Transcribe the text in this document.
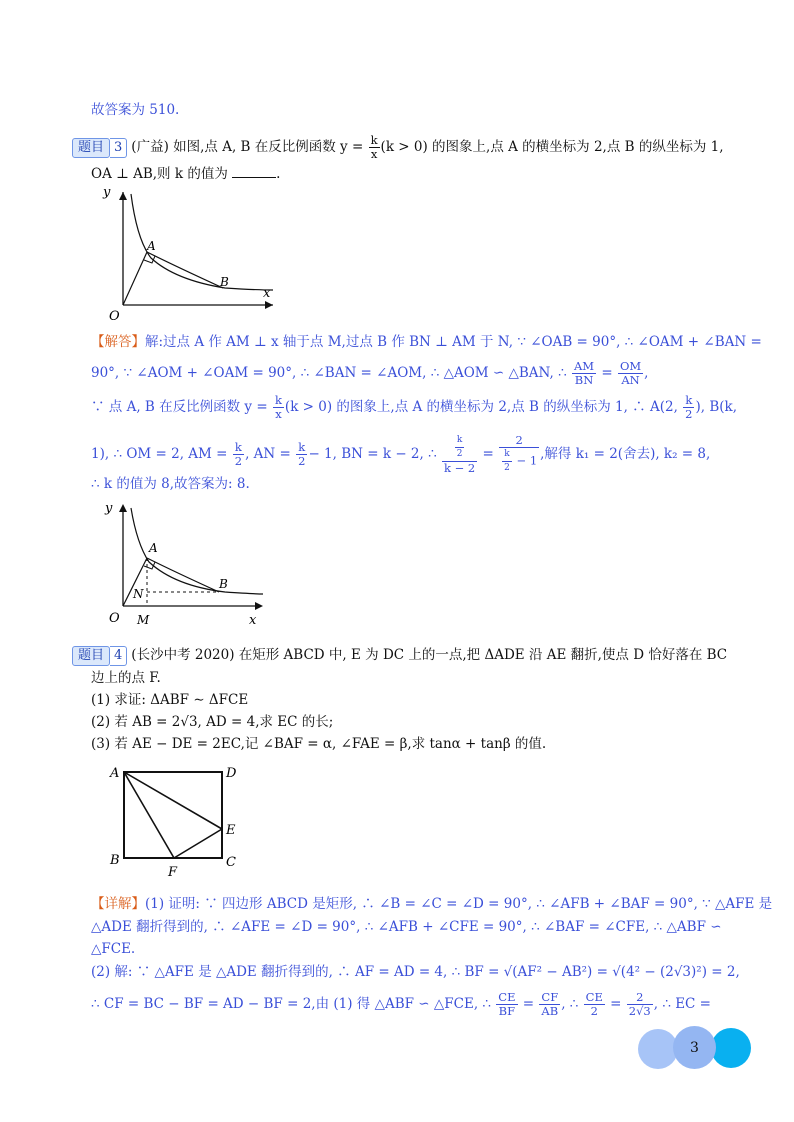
故答案为 510.
题目 3 (广益) 如图,点 A, B 在反比例函数 $y = \frac{k}{x} (k > 0)$ 的图象上,点 A 的横坐标为 2,点 B 的纵坐标为 1,
OA ⊥ AB,则 k 的值为	.
y
x
O
A
B
【解答】解:过点 A 作 AM ⊥ x 轴于点 M,过点 B 作 BN ⊥ AM 于 N, ∵ ∠OAB = 90°, ∴ ∠OAM + ∠BAN =
90°, ∵ ∠AOM + ∠OAM = 90°, ∴ ∠BAN = ∠AOM, ∴ △AOM ∽ △BAN, ∴ $\frac{AM}{BN} = \frac{OM}{AN}$ ,
∵ 点 A, B 在反比例函数 $y = \frac{k}{x} (k > 0)$ 的图象上,点 A 的横坐标为 2,点 B 的纵坐标为 1, ∴ A(2, $\frac{k}{2}$ ), B(k,
1), ∴ OM = 2, AM = $\frac{k}{2}$ , AN = $\frac{k}{2} - 1$, BN = k − 2, ∴ $\frac{\frac{k}{2}}{k - 2} = \frac{2}{\frac{k}{2} - 1}$ ,解得 k₁ = 2(舍去), k₂ = 8,
∴ k 的值为 8,故答案为: 8.
y
x
O
A
B
N
M
题目 4 (长沙中考 2020) 在矩形 ABCD 中, E 为 DC 上的一点,把 ΔADE 沿 AE 翻折,使点 D 恰好落在 BC
边上的点 F.
(1) 求证: ΔABF ∼ ΔFCE
(2) 若 AB = 2√3, AD = 4,求 EC 的长;
(3) 若 AE − DE = 2EC,记 ∠BAF = α, ∠FAE = β,求 tanα + tanβ 的值.
A	D
E
B
F
C
【详解】(1) 证明: ∵ 四边形 ABCD 是矩形, ∴ ∠B = ∠C = ∠D = 90°, ∴ ∠AFB + ∠BAF = 90°, ∵ △AFE 是
△ADE 翻折得到的, ∴ ∠AFE = ∠D = 90°, ∴ ∠AFB + ∠CFE = 90°, ∴ ∠BAF = ∠CFE, ∴ △ABF ∽
△FCE.
(2) 解: ∵ △AFE 是 △ADE 翻折得到的, ∴ AF = AD = 4, ∴ BF = √(AF² − AB²) = √(4² − (2√3)²) = 2,
∴ CF = BC − BF = AD − BF = 2,由 (1) 得 △ABF ∽ △FCE, ∴ $\frac{CE}{BF} = \frac{CF}{AB}$ , ∴ $\frac{CE}{2} = \frac{2}{2√3}$ , ∴ EC =
3
